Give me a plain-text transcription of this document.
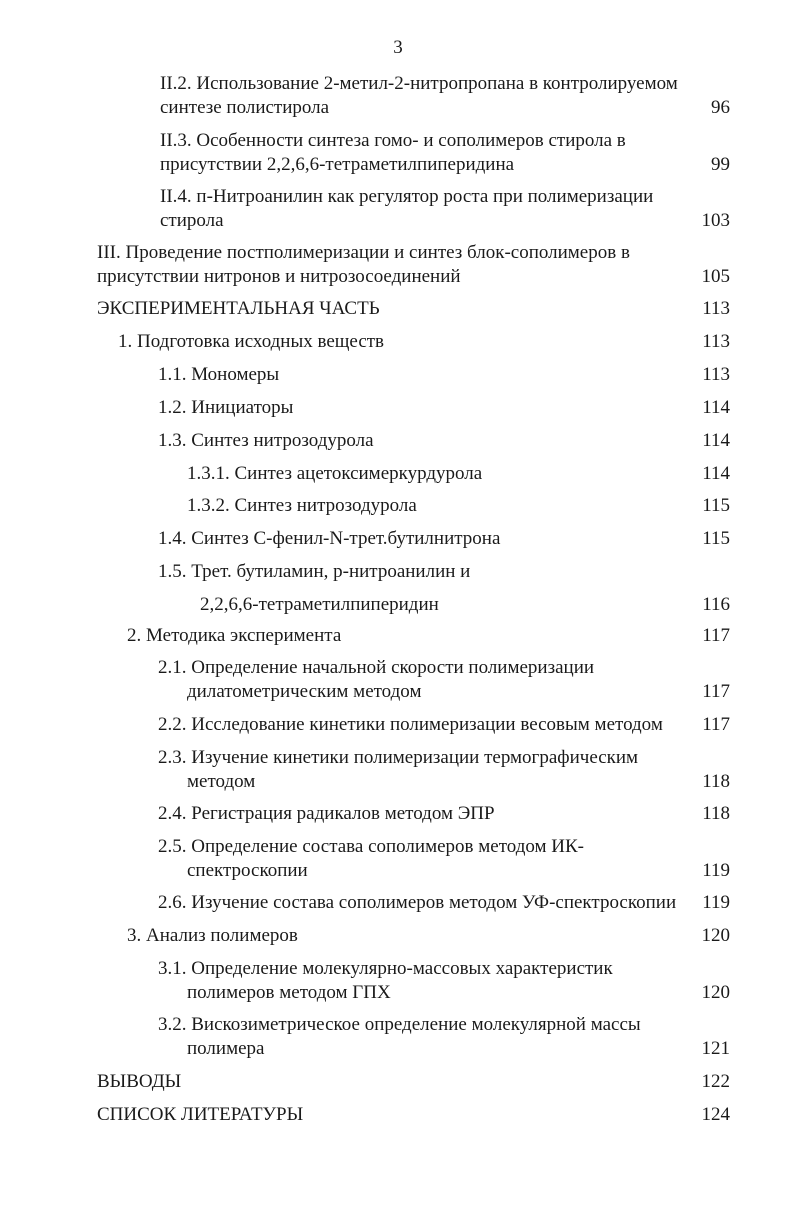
3
II.2. Использование 2-метил-2-нитропропана в контролируемом
синтезе полистирола	96
II.3. Особенности синтеза гомо- и сополимеров стирола в
присутствии 2,2,6,6-тетраметилпиперидина	99
II.4. п-Нитроанилин как регулятор роста при полимеризации
стирола	103
III. Проведение постполимеризации и синтез блок-сополимеров в
присутствии нитронов и нитрозосоединений	105
ЭКСПЕРИМЕНТАЛЬНАЯ ЧАСТЬ	113
1. Подготовка исходных веществ	113
1.1. Мономеры	113
1.2. Инициаторы	114
1.3. Синтез нитрозодурола	114
1.3.1. Синтез ацетоксимеркурдурола	114
1.3.2. Синтез нитрозодурола	115
1.4. Синтез С-фенил-N-трет.бутилнитрона	115
1.5. Трет. бутиламин, р-нитроанилин и
2,2,6,6-тетраметилпиперидин	116
2. Методика эксперимента	117
2.1. Определение начальной скорости полимеризации
дилатометрическим методом	117
2.2. Исследование кинетики полимеризации весовым методом	117
2.3. Изучение кинетики полимеризации термографическим
методом	118
2.4. Регистрация радикалов методом ЭПР	118
2.5. Определение состава сополимеров методом ИК-
спектроскопии	119
2.6. Изучение состава сополимеров методом УФ-спектроскопии	119
3. Анализ полимеров	120
3.1. Определение молекулярно-массовых характеристик
полимеров методом ГПХ	120
3.2. Вискозиметрическое определение молекулярной массы
полимера	121
ВЫВОДЫ	122
СПИСОК ЛИТЕРАТУРЫ	124
